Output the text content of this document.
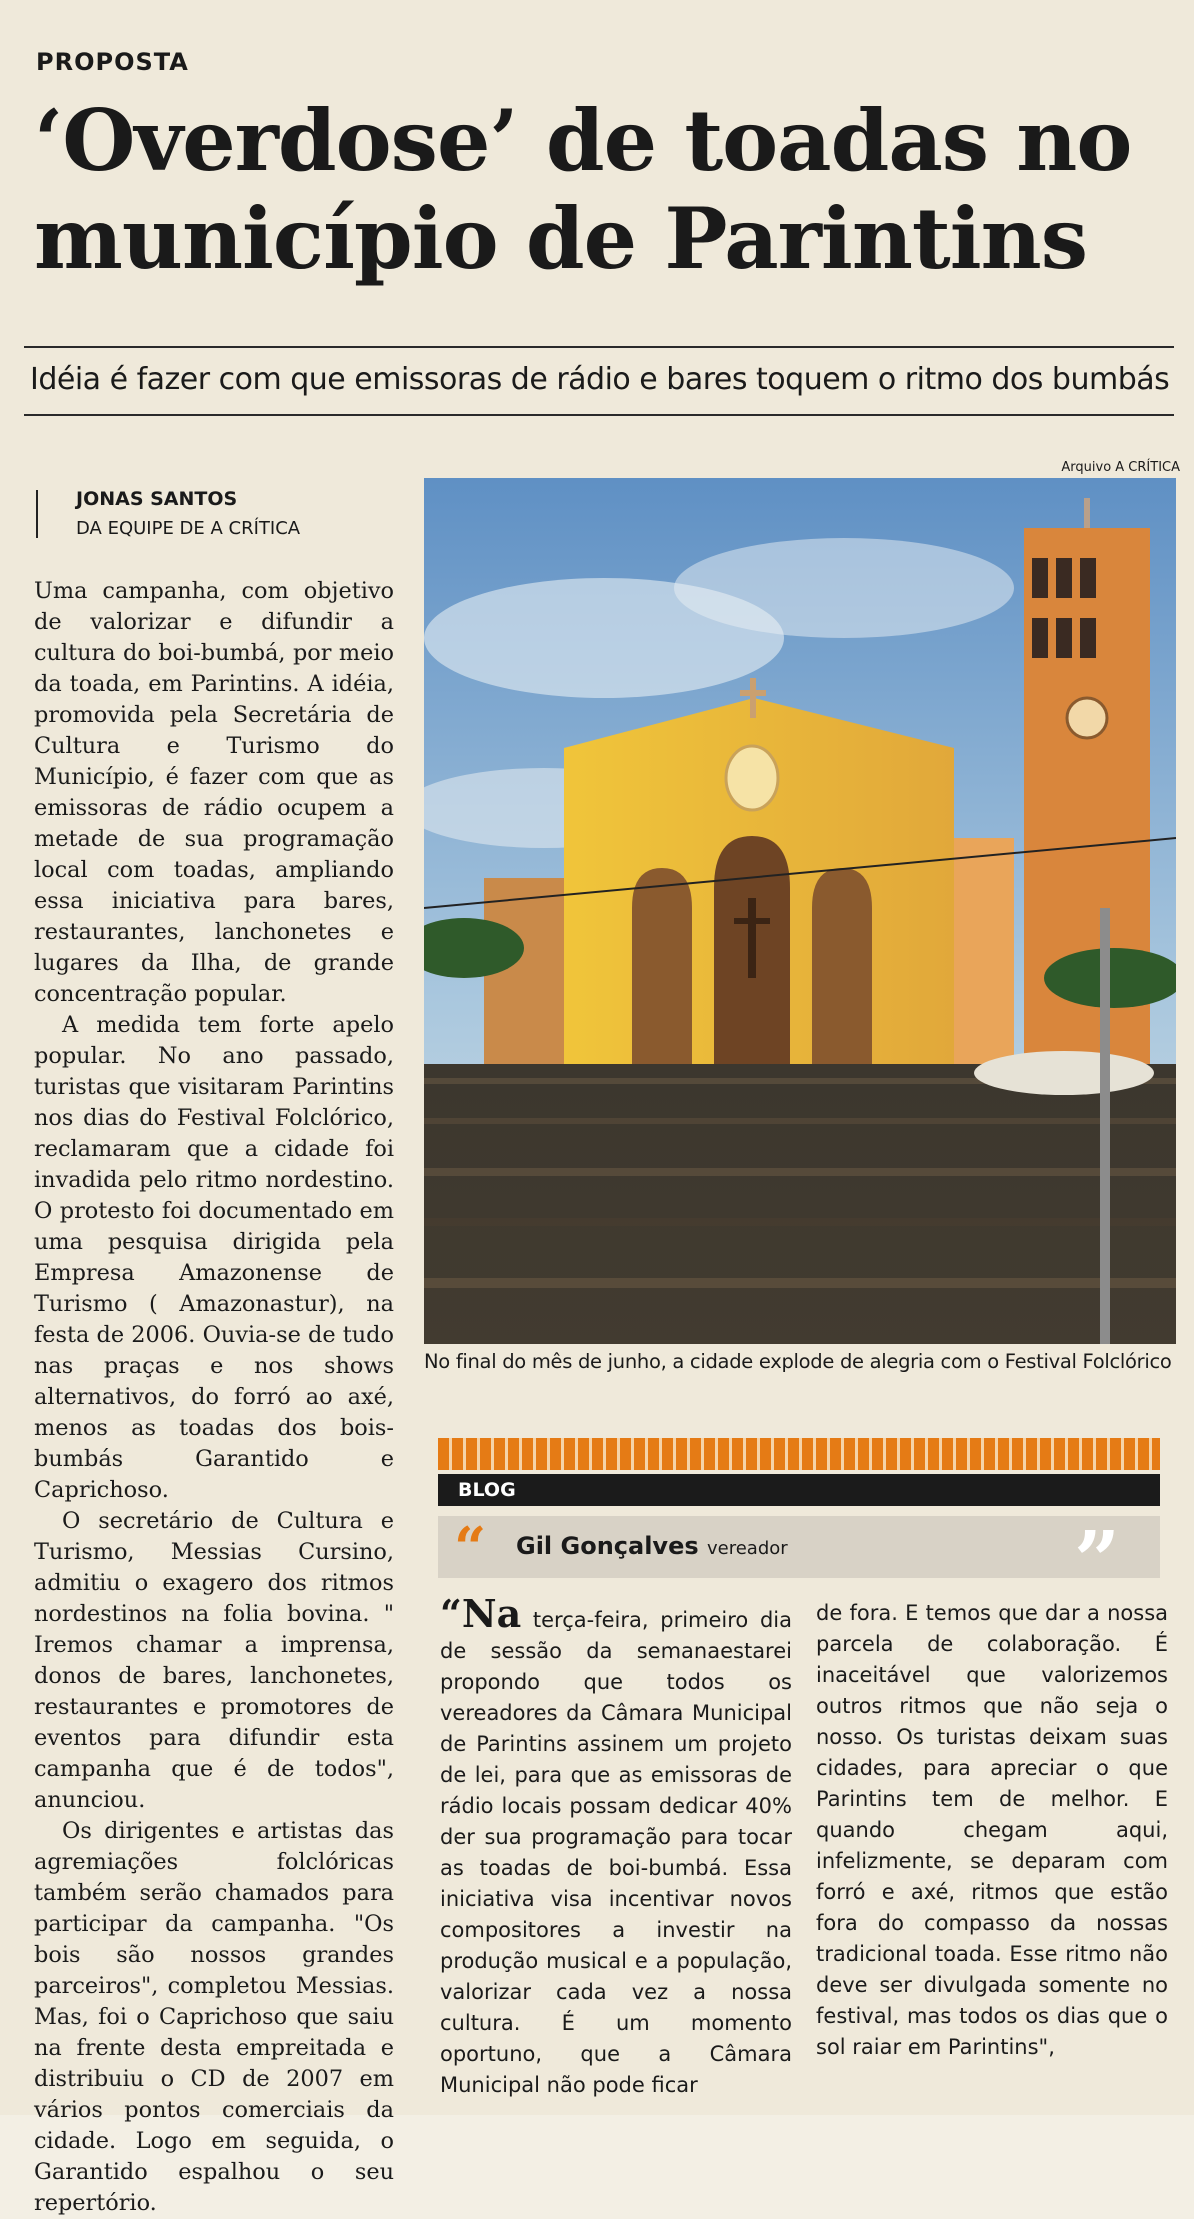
PROPOSTA
‘Overdose’ de toadas no município de Parintins
Idéia é fazer com que emissoras de rádio e bares toquem o ritmo dos bumbás
JONAS SANTOS
DA EQUIPE DE A CRÍTICA

Uma campanha, com objetivo de valorizar e difundir a cultura do boi-bumbá, por meio da toada, em Parintins. A idéia, promovida pela Secretária de Cultura e Turismo do Município, é fazer com que as emissoras de rádio ocupem a metade de sua programação local com toadas, ampliando essa iniciativa para bares, restaurantes, lanchonetes e lugares da Ilha, de grande concentração popular.

A medida tem forte apelo popular. No ano passado, turistas que visitaram Parintins nos dias do Festival Folclórico, reclamaram que a cidade foi invadida pelo ritmo nordestino. O protesto foi documentado em uma pesquisa dirigida pela Empresa Amazonense de Turismo ( Amazonastur), na festa de 2006. Ouvia-se de tudo nas praças e nos shows alternativos, do forró ao axé, menos as toadas dos bois-bumbás Garantido e Caprichoso.

O secretário de Cultura e Turismo, Messias Cursino, admitiu o exagero dos ritmos nordestinos na folia bovina. " Iremos chamar a imprensa, donos de bares, lanchonetes, restaurantes e promotores de eventos para difundir esta campanha que é de todos", anunciou.

Os dirigentes e artistas das agremiações folclóricas também serão chamados para participar da campanha. "Os bois são nossos grandes parceiros", completou Messias. Mas, foi o Caprichoso que saiu na frente desta empreitada e distribuiu o CD de 2007 em vários pontos comerciais da cidade. Logo em seguida, o Garantido espalhou o seu repertório.

Arquivo A CRÍTICA
No final do mês de junho, a cidade explode de alegria com o Festival Folclórico
BLOG
“ Gil Gonçalves vereador	”
“Na terça-feira, primeiro dia de sessão da semanaestarei propondo que todos os vereadores da Câmara Municipal de Parintins assinem um projeto de lei, para que as emissoras de rádio locais possam dedicar 40% der sua programação para tocar as toadas de boi-bumbá. Essa iniciativa visa incentivar novos compositores a investir na produção musical e a população, valorizar cada vez a nossa cultura. É um momento oportuno, que a Câmara Municipal não pode ficar
de fora. E temos que dar a nossa parcela de colaboração. É inaceitável que valorizemos outros ritmos que não seja o nosso. Os turistas deixam suas cidades, para apreciar o que Parintins tem de melhor. E quando chegam aqui, infelizmente, se deparam com forró e axé, ritmos que estão fora do compasso da nossas tradicional toada. Esse ritmo não deve ser divulgada somente no festival, mas todos os dias que o sol raiar em Parintins",
